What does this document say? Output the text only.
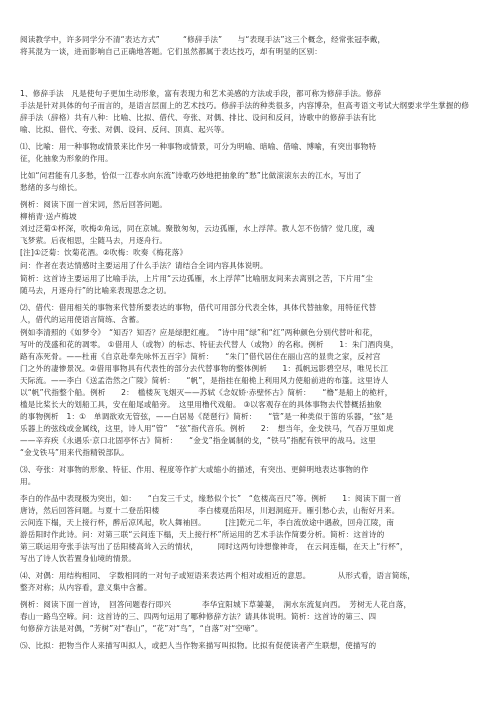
阅读教学中，许多同学分不清“表达方式”　　　“修辞手法”　　与“表现手法”这三个概念，经常张冠李戴，
将其混为一谈，进而影响自己正确地答题。它们虽然都属于表达技巧，却有明显的区别：
1、修辞手法　凡是使句子更加生动形象，富有表现力和艺术美感的方法或手段，都可称为修辞手法。修辞
手法是针对具体的句子而言的，是语言层面上的艺术技巧。修辞手法的种类很多，内容博杂，但高考语文考试大纲要求学生掌握的修
辞手法（辞格）共有八种：比喻、比拟、借代、夸张、对偶、排比、设问和反问，诗歌中的修辞手法有比
喻、比拟、借代、夸张、对偶、设问、反问、顶真、起兴等。
⑴、比喻：用一种事物或情景来比作另一种事物或情景，可分为明喻、暗喻、借喻、博喻，有突出事物特
征，化抽象为形象的作用。
比如“问君能有几多愁，恰似一江春水向东流”诗歌巧妙地把抽象的“愁”比做滚滚东去的江水，写出了
愁绪的多与绵长。
例析：阅读下面一首宋词，然后回答问题。
柳梢青·送卢梅坡
刘过泛菊①杯深，吹梅②角远，同在京城。聚散匆匆，云边孤雁，水上浮萍。教人怎不伤情？觉几度，魂
飞梦萦。后夜相思，尘随马去，月逐舟行。
[注]①泛菊：饮菊花酒。②吹梅：吹奏《梅花落》
问：作者在表达情感时主要运用了什么手法？请结合全词内容具体说明。
简析：这首诗主要运用了比喻手法，上片用“云边孤雁，水上浮萍”比喻朋友间来去离别之苦，下片用“尘
随马去，月逐舟行”的比喻来表现思念之切。
⑵、借代：借用相关的事物来代替所要表达的事物，借代可用部分代表全体，具体代替抽象，用特征代替
人，借代的运用使语言简练、含蓄。
例如李清照的《如梦令》　“知否？知否？应是绿肥红瘦。　”诗中用“绿”和“红”两种颜色分别代替叶和花，
写叶的茂盛和花的凋零。 ①借用人（或物）的标志、特征去代替人（或物）的名称。例析　　1：朱门酒肉臭，
路有冻死骨。——杜甫《自京赴奉先咏怀五百字》简析：　　“朱门”借代居住在丽山宫的显贵之家，反衬宫
门之外的凄惨景况。②借用事物具有代表性的部分去代替事物的整体例析　　1：孤帆远影碧空尽，唯见长江
天际流。——李白《送孟浩然之广陵》简析：　　“帆”，是指挂在船桅上利用风力使船前进的布篷。这里诗人
以“帆”代指整个船。例析　　2：　槛楼灰飞烟灭——苏轼《念奴娇·赤壁怀古》简析：　　“橹”是船上的桅杆，
槛是比桨长大的划船工具，安在船尾或船旁。　这里用橹代戏船。 ③以客观存在的具体事物去代替概括抽象
的事物例析　1：①　单调欲欢无管弦，——白居易《琵琶行》简析：　　“管”是一种类似于笛的乐器，“弦”是
乐器上的弦线或金属线，这里，诗人用“管”　“弦”指代音乐。例析　　2：　想当年，金戈铁马，气吞万里如虎
——辛弃疾《永遇乐·京口北固亭怀古》简析：　　“金戈”指金属制的戈，“铁马”指配有铁甲的战马。这里
“金戈铁马”用来代指精锐部队。
⑶、夸张：对事物的形象、特征、作用、程度等作扩大或缩小的描述，有突出、更鲜明地表达事物的作
用。
李白的作品中表现极为突出，如：　　“白发三千丈，缘愁似个长”　“危楼高百尺”等。例析　　1：阅读下面一首
唐诗，然后回答问题。与夏十二登岳阳楼　　　　　李白楼观岳阳尽，川迥洞庭开。雁引愁心去，山衔好月来。
云间连下榻，天上接行杯，醉后凉风起，吹人舞袖回。　　　[注]乾元二年，李白流放途中遇赦，回舟江陵，南
游岳阳时作此诗。问：对第三联“云间连下榻，天上接行杯”所运用的艺术手法作简要分析。简析：这首诗的
第三联运用夸张手法写出了岳阳楼高耸入云的情状，　　　同时这两句诗想像神奇，　在云间连榻，在天上“行杯”，
写出了诗人饮若置身仙境的情景。
⑷、对偶：用结构相同、　字数相同的一对句子或短语来表达两个相对或相近的意思。　　　　从形式看，语言简练，
整齐对称；从内容看，意义集中含蓄。
例析：阅读下面一首诗，　回答问题春行即兴　　　　李华宜阳城下草萋萋，　涧水东流复向西。　芳树无人花自落，
春山一路鸟空啼。问：这首诗的三、四两句运用了哪种修辞方法？请具体说明。简析：这首诗的第三、四
句修辞方法是对偶，“芳树”对“春山”，“花”对“鸟”，“自落”对“空啼”。
⑸、比拟：把物当作人来描写叫拟人，或把人当作物来描写叫拟物。比拟有促使读者产生联想，使描写的
